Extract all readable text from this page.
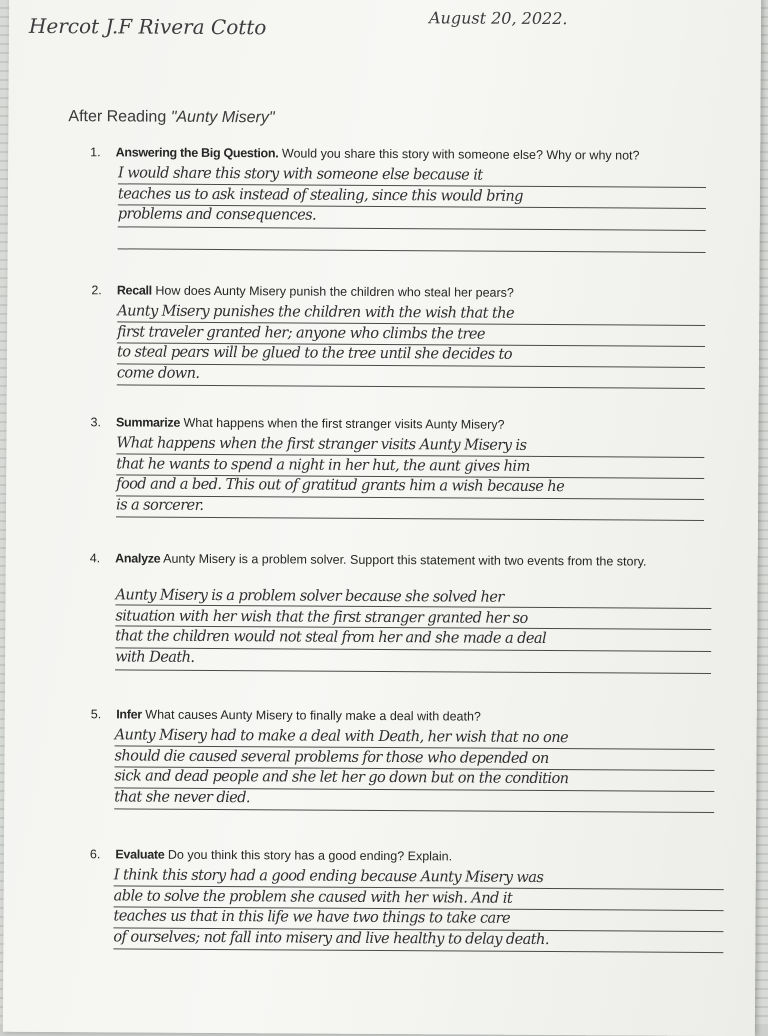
Hercot J.F Rivera Cotto	August 20, 2022.
After Reading "Aunty Misery"
1. Answering the Big Question. Would you share this story with someone else? Why or why not?
I would share this story with someone else because it
teaches us to ask instead of stealing, since this would bring
problems and consequences.
2. Recall How does Aunty Misery punish the children who steal her pears?
Aunty Misery punishes the children with the wish that the
first traveler granted her; anyone who climbs the tree
to steal pears will be glued to the tree until she decides to
come down.
3. Summarize What happens when the first stranger visits Aunty Misery?
What happens when the first stranger visits Aunty Misery is
that he wants to spend a night in her hut, the aunt gives him
food and a bed. This out of gratitud grants him a wish because he
is a sorcerer.
4. Analyze Aunty Misery is a problem solver. Support this statement with two events from the story.
Aunty Misery is a problem solver because she solved her
situation with her wish that the first stranger granted her so
that the children would not steal from her and she made a deal
with Death.
5. Infer What causes Aunty Misery to finally make a deal with death?
Aunty Misery had to make a deal with Death, her wish that no one
should die caused several problems for those who depended on
sick and dead people and she let her go down but on the condition
that she never died.
6. Evaluate Do you think this story has a good ending? Explain.
I think this story had a good ending because Aunty Misery was
able to solve the problem she caused with her wish. And it
teaches us that in this life we have two things to take care
of ourselves; not fall into misery and live healthy to delay death.
